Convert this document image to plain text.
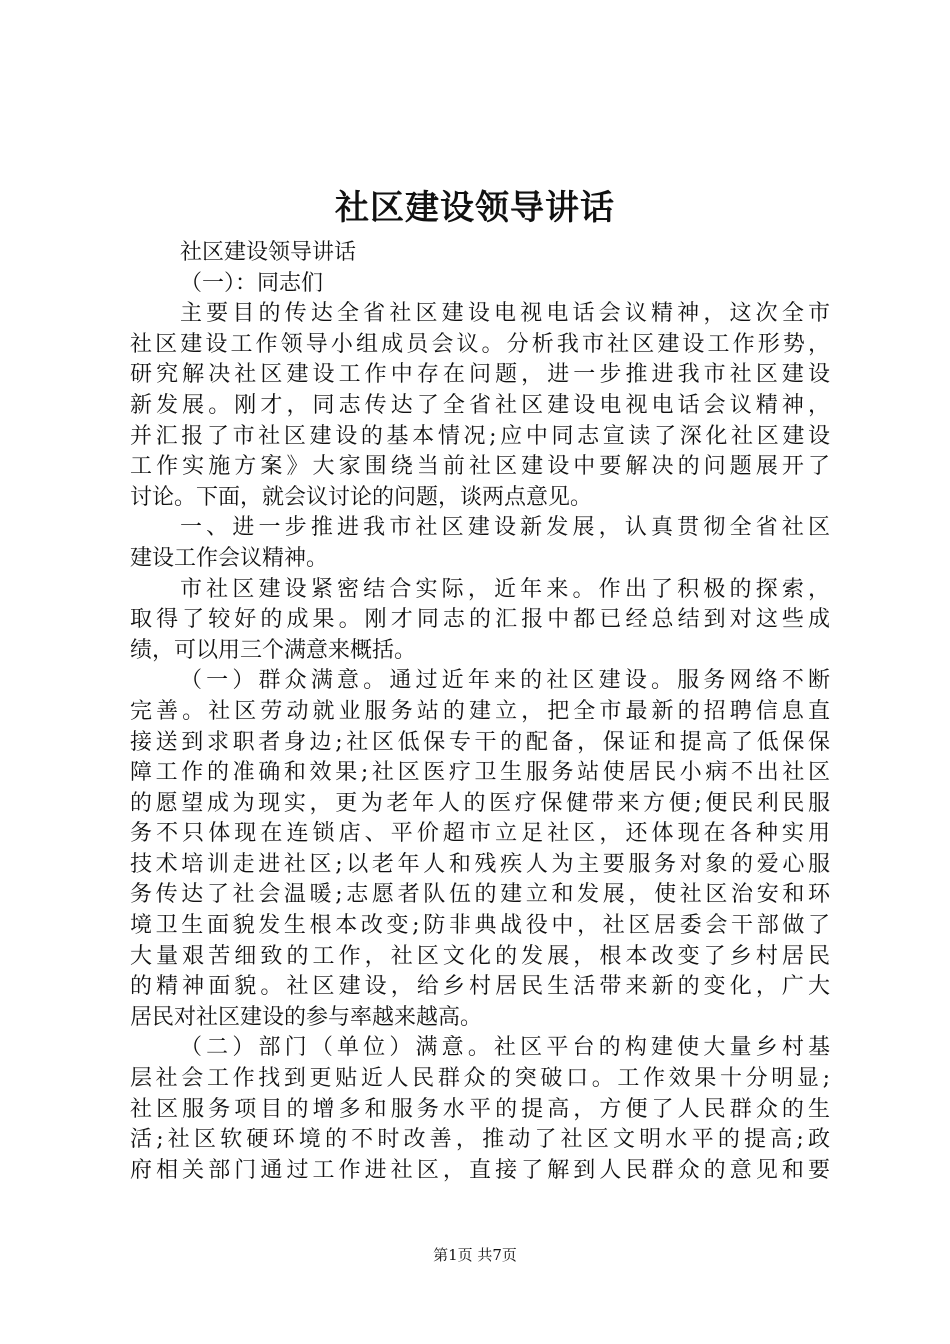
社区建设领导讲话
社区建设领导讲话
（一）：同志们
主要目的传达全省社区建设电视电话会议精神，这次全市
社区建设工作领导小组成员会议。分析我市社区建设工作形势，
研究解决社区建设工作中存在问题，进一步推进我市社区建设
新发展。刚才，同志传达了全省社区建设电视电话会议精神，
并汇报了市社区建设的基本情况;应中同志宣读了深化社区建设
工作实施方案》大家围绕当前社区建设中要解决的问题展开了
讨论。下面，就会议讨论的问题，谈两点意见。
一、进一步推进我市社区建设新发展，认真贯彻全省社区
建设工作会议精神。
市社区建设紧密结合实际，近年来。作出了积极的探索，
取得了较好的成果。刚才同志的汇报中都已经总结到对这些成
绩，可以用三个满意来概括。
（一）群众满意。通过近年来的社区建设。服务网络不断
完善。社区劳动就业服务站的建立，把全市最新的招聘信息直
接送到求职者身边;社区低保专干的配备，保证和提高了低保保
障工作的准确和效果;社区医疗卫生服务站使居民小病不出社区
的愿望成为现实，更为老年人的医疗保健带来方便;便民利民服
务不只体现在连锁店、平价超市立足社区，还体现在各种实用
技术培训走进社区;以老年人和残疾人为主要服务对象的爱心服
务传达了社会温暖;志愿者队伍的建立和发展，使社区治安和环
境卫生面貌发生根本改变;防非典战役中，社区居委会干部做了
大量艰苦细致的工作，社区文化的发展，根本改变了乡村居民
的精神面貌。社区建设，给乡村居民生活带来新的变化，广大
居民对社区建设的参与率越来越高。
（二）部门（单位）满意。社区平台的构建使大量乡村基
层社会工作找到更贴近人民群众的突破口。工作效果十分明显;
社区服务项目的增多和服务水平的提高，方便了人民群众的生
活;社区软硬环境的不时改善，推动了社区文明水平的提高;政
府相关部门通过工作进社区，直接了解到人民群众的意见和要
第1页 共7页
